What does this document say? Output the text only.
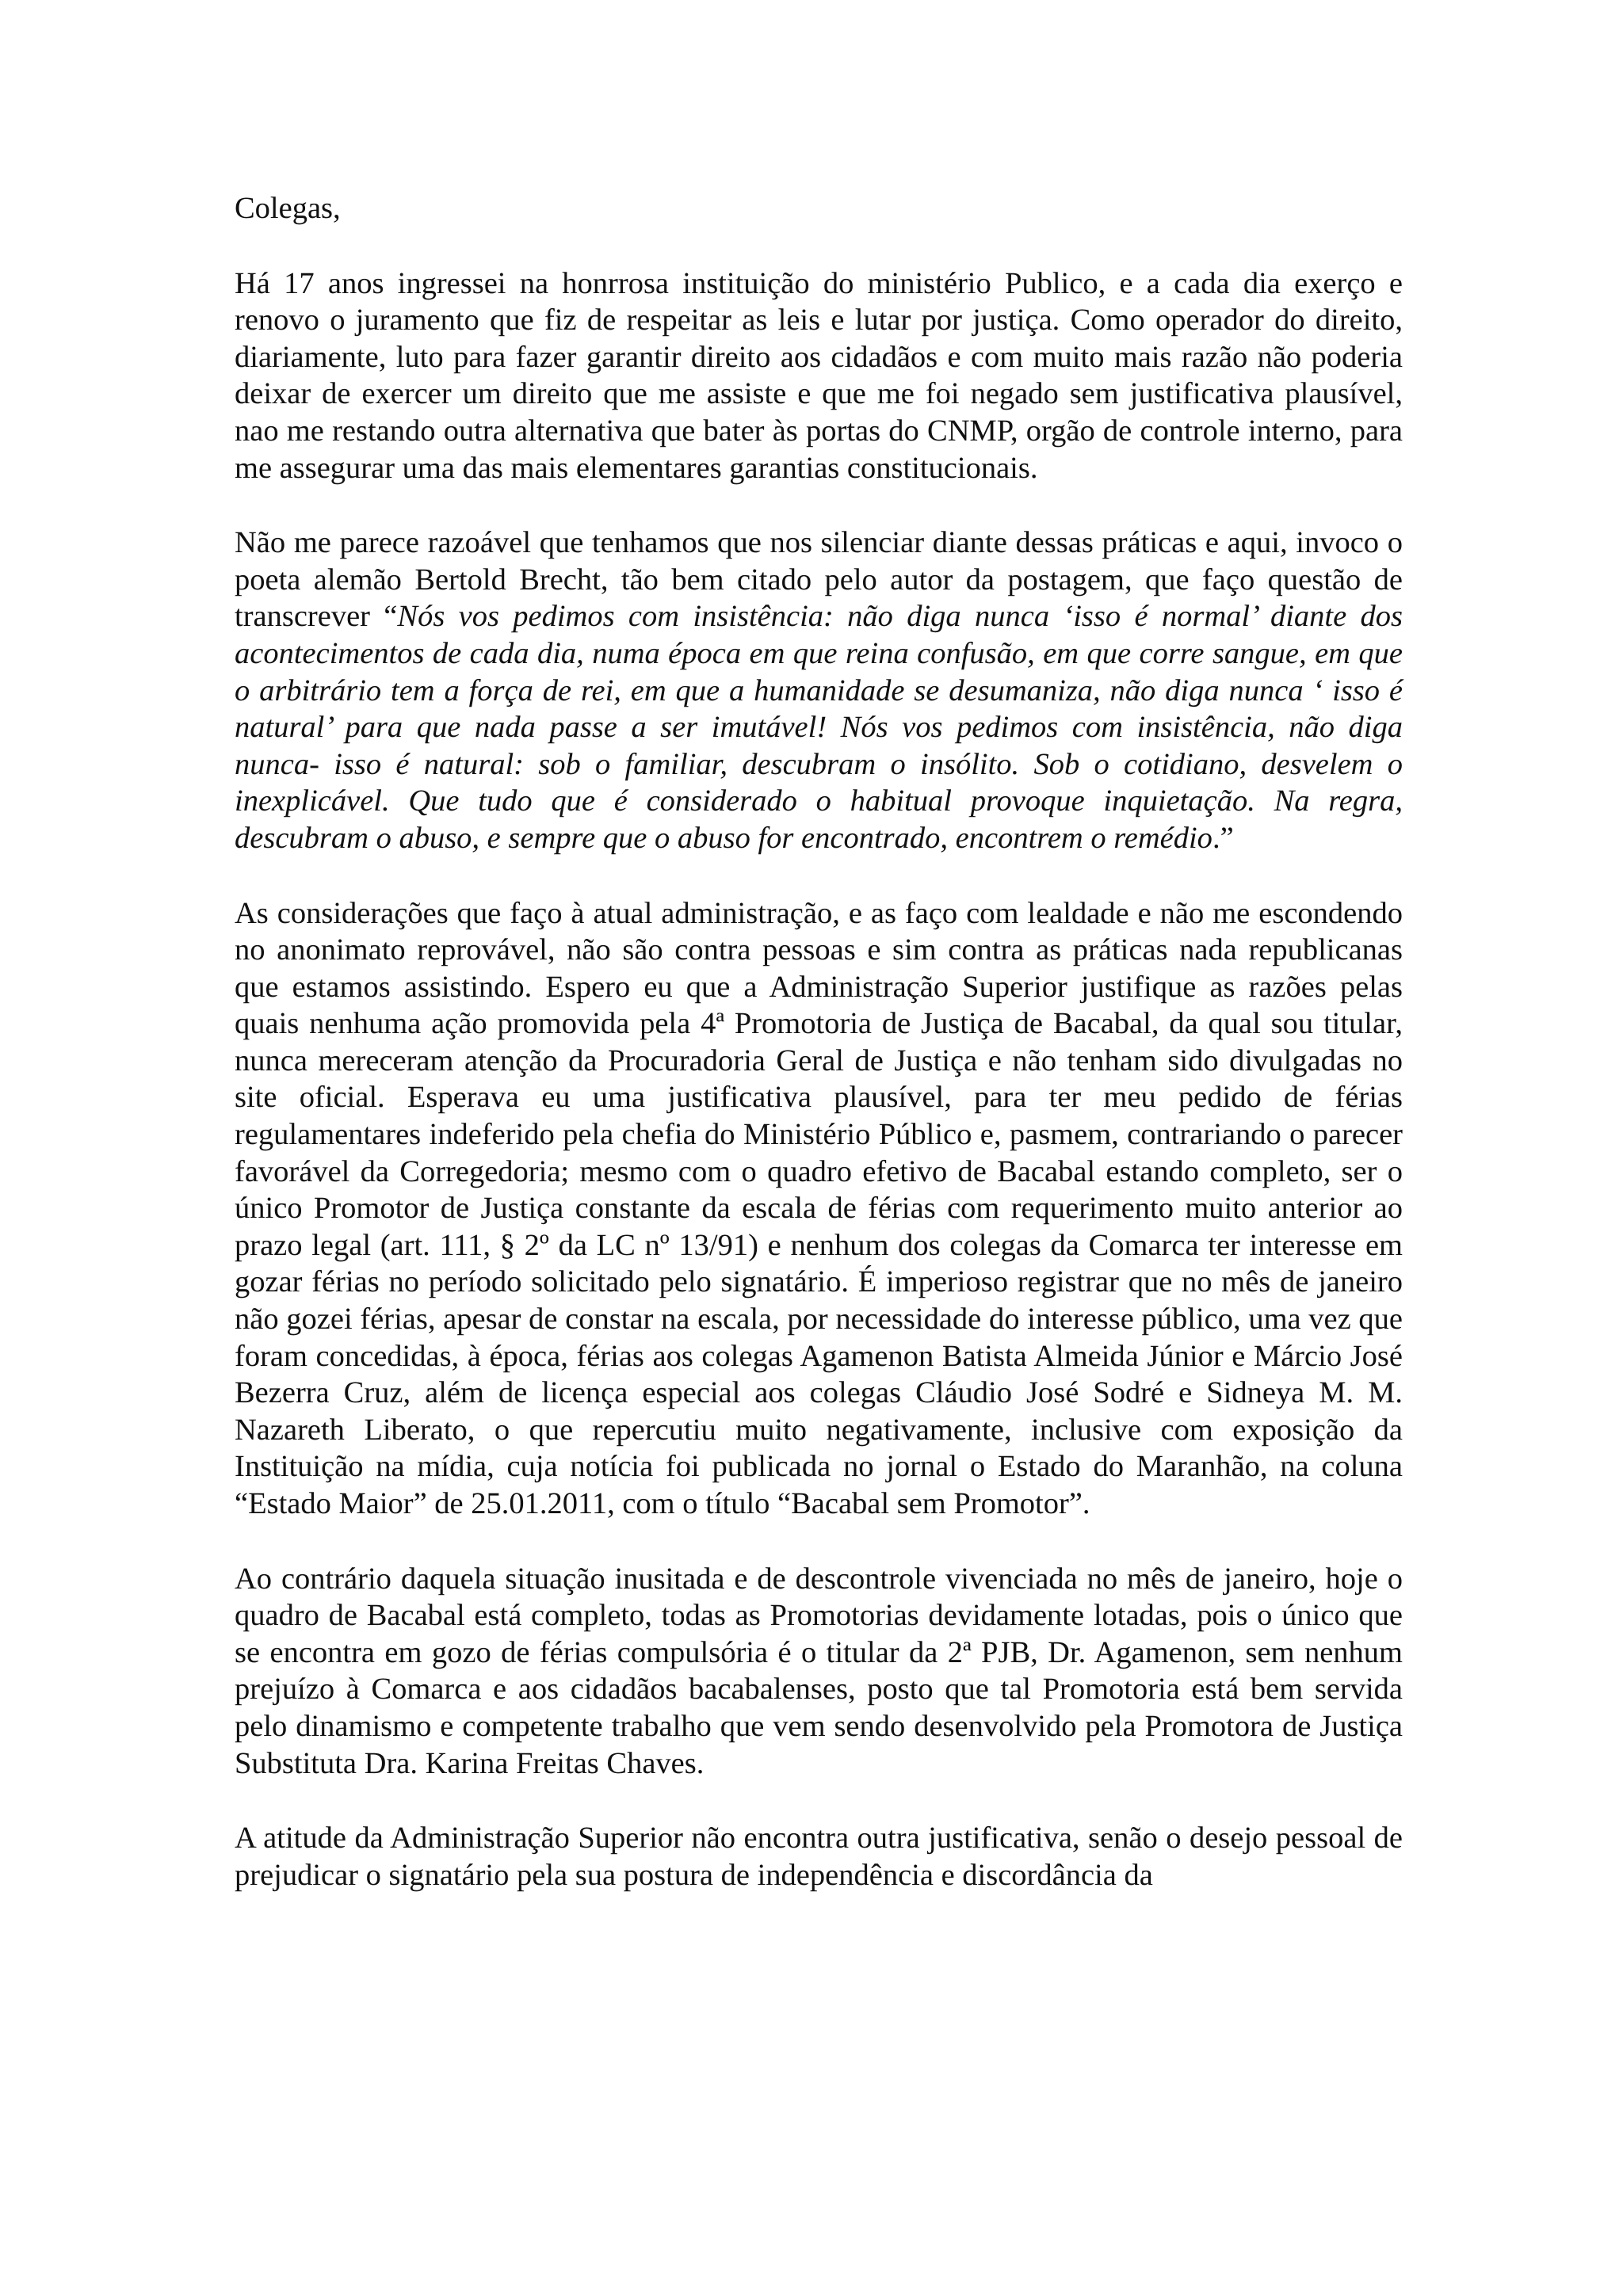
Colegas,

Há 17 anos ingressei na honrrosa instituição do ministério Publico, e a cada dia exerço e renovo o juramento que fiz de respeitar as leis e lutar por justiça. Como operador do direito, diariamente, luto para fazer garantir direito aos cidadãos e com muito mais razão não poderia deixar de exercer um direito que me assiste e que me foi negado sem justificativa plausível, nao me restando outra alternativa que bater às portas do CNMP, orgão de controle interno, para me assegurar uma das mais elementares garantias constitucionais.

Não me parece razoável que tenhamos que nos silenciar diante dessas práticas e aqui, invoco o poeta alemão Bertold Brecht, tão bem citado pelo autor da postagem, que faço questão de transcrever “Nós vos pedimos com insistência: não diga nunca ‘isso é normal’ diante dos acontecimentos de cada dia, numa época em que reina confusão, em que corre sangue, em que o arbitrário tem a força de rei, em que a humanidade se desumaniza, não diga nunca ‘ isso é natural’ para que nada passe a ser imutável! Nós vos pedimos com insistência, não diga nunca- isso é natural: sob o familiar, descubram o insólito. Sob o cotidiano, desvelem o inexplicável. Que tudo que é considerado o habitual provoque inquietação. Na regra, descubram o abuso, e sempre que o abuso for encontrado, encontrem o remédio.”

As considerações que faço à atual administração, e as faço com lealdade e não me escondendo no anonimato reprovável, não são contra pessoas e sim contra as práticas nada republicanas que estamos assistindo. Espero eu que a Administração Superior justifique as razões pelas quais nenhuma ação promovida pela 4ª Promotoria de Justiça de Bacabal, da qual sou titular, nunca mereceram atenção da Procuradoria Geral de Justiça e não tenham sido divulgadas no site oficial. Esperava eu uma justificativa plausível, para ter meu pedido de férias regulamentares indeferido pela chefia do Ministério Público e, pasmem, contrariando o parecer favorável da Corregedoria; mesmo com o quadro efetivo de Bacabal estando completo, ser o único Promotor de Justiça constante da escala de férias com requerimento muito anterior ao prazo legal (art. 111, § 2º da LC nº 13/91) e nenhum dos colegas da Comarca ter interesse em gozar férias no período solicitado pelo signatário. É imperioso registrar que no mês de janeiro não gozei férias, apesar de constar na escala, por necessidade do interesse público, uma vez que foram concedidas, à época, férias aos colegas Agamenon Batista Almeida Júnior e Márcio José Bezerra Cruz, além de licença especial aos colegas Cláudio José Sodré e Sidneya M. M. Nazareth Liberato, o que repercutiu muito negativamente, inclusive com exposição da Instituição na mídia, cuja notícia foi publicada no jornal o Estado do Maranhão, na coluna “Estado Maior” de 25.01.2011, com o título “Bacabal sem Promotor”.

Ao contrário daquela situação inusitada e de descontrole vivenciada no mês de janeiro, hoje o quadro de Bacabal está completo, todas as Promotorias devidamente lotadas, pois o único que se encontra em gozo de férias compulsória é o titular da 2ª PJB, Dr. Agamenon, sem nenhum prejuízo à Comarca e aos cidadãos bacabalenses, posto que tal Promotoria está bem servida pelo dinamismo e competente trabalho que vem sendo desenvolvido pela Promotora de Justiça Substituta Dra. Karina Freitas Chaves.

A atitude da Administração Superior não encontra outra justificativa, senão o desejo pessoal de prejudicar o signatário pela sua postura de independência e discordância da
